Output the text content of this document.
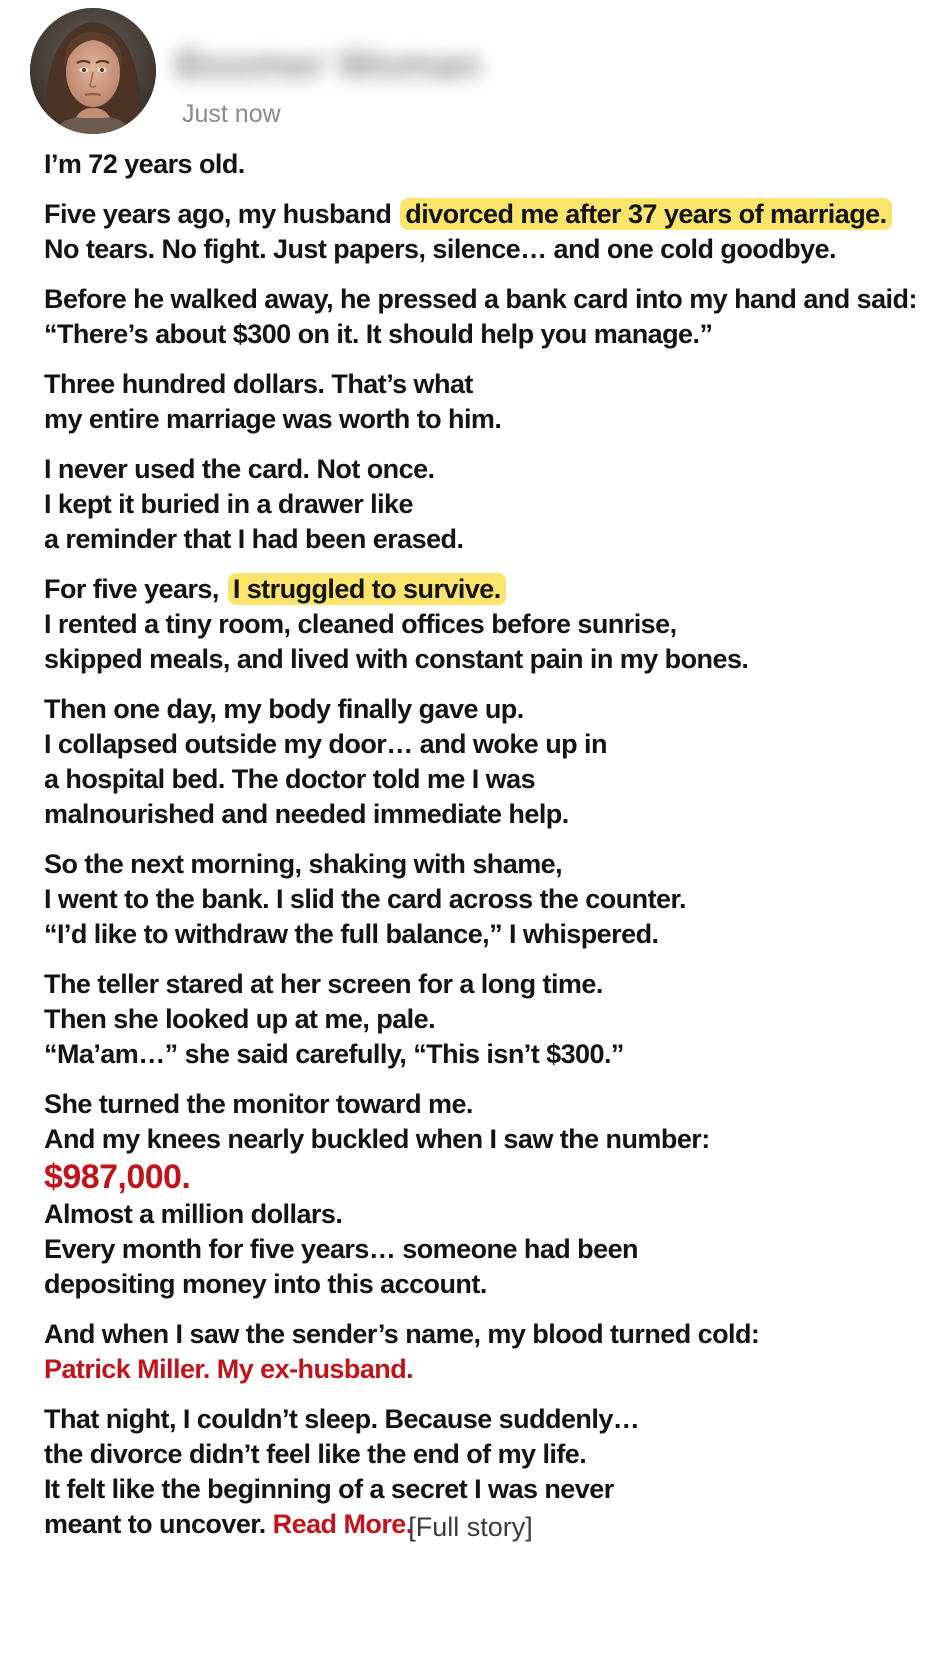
Boomer Woman
Just now

I’m 72 years old.

Five years ago, my husband divorced me after 37 years of marriage.
No tears. No fight. Just papers, silence… and one cold goodbye.

Before he walked away, he pressed a bank card into my hand and said:
“There’s about $300 on it. It should help you manage.”

Three hundred dollars. That’s what
my entire marriage was worth to him.

I never used the card. Not once.
I kept it buried in a drawer like
a reminder that I had been erased.

For five years, I struggled to survive.
I rented a tiny room, cleaned offices before sunrise,
skipped meals, and lived with constant pain in my bones.

Then one day, my body finally gave up.
I collapsed outside my door… and woke up in
a hospital bed. The doctor told me I was
malnourished and needed immediate help.

So the next morning, shaking with shame,
I went to the bank. I slid the card across the counter.
“I’d like to withdraw the full balance,” I whispered.

The teller stared at her screen for a long time.
Then she looked up at me, pale.
“Ma’am…” she said carefully, “This isn’t $300.”

She turned the monitor toward me.
And my knees nearly buckled when I saw the number:
$987,000.
Almost a million dollars.
Every month for five years… someone had been
depositing money into this account.

And when I saw the sender’s name, my blood turned cold:
Patrick Miller. My ex-husband.

That night, I couldn’t sleep. Because suddenly…
the divorce didn’t feel like the end of my life.
It felt like the beginning of a secret I was never
meant to uncover. Read More.

[Full story]
